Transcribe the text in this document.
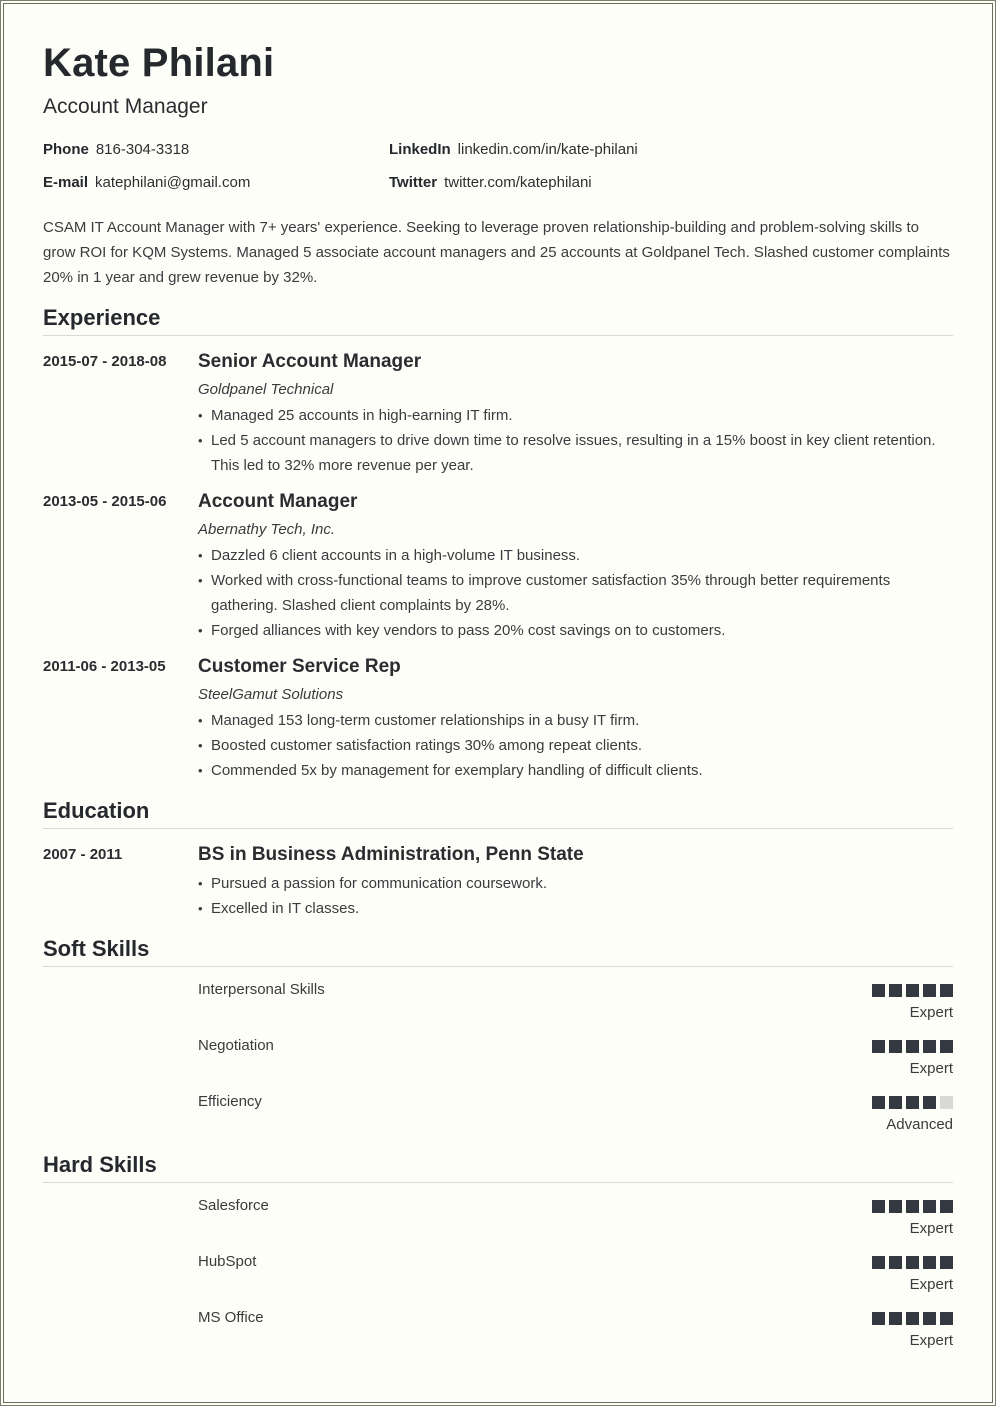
Kate Philani
Account Manager
Phone 816-304-3318
E-mail katephilani@gmail.com
LinkedIn linkedin.com/in/kate-philani
Twitter twitter.com/katephilani
CSAM IT Account Manager with 7+ years' experience. Seeking to leverage proven relationship-building and problem-solving skills to grow ROI for KQM Systems. Managed 5 associate account managers and 25 accounts at Goldpanel Tech. Slashed customer complaints 20% in 1 year and grew revenue by 32%.
Experience
2015-07 - 2018-08 Senior Account Manager
Goldpanel Technical
• Managed 25 accounts in high-earning IT firm.
• Led 5 account managers to drive down time to resolve issues, resulting in a 15% boost in key client retention. This led to 32% more revenue per year.
2013-05 - 2015-06 Account Manager
Abernathy Tech, Inc.
• Dazzled 6 client accounts in a high-volume IT business.
• Worked with cross-functional teams to improve customer satisfaction 35% through better requirements gathering. Slashed client complaints by 28%.
• Forged alliances with key vendors to pass 20% cost savings on to customers.
2011-06 - 2013-05 Customer Service Rep
SteelGamut Solutions
• Managed 153 long-term customer relationships in a busy IT firm.
• Boosted customer satisfaction ratings 30% among repeat clients.
• Commended 5x by management for exemplary handling of difficult clients.
Education
2007 - 2011	BS in Business Administration, Penn State
• Pursued a passion for communication coursework.
• Excelled in IT classes.
Soft Skills
Interpersonal Skills
Expert
Negotiation
Expert
Efficiency
Advanced
Hard Skills
Salesforce
Expert
HubSpot
Expert
MS Office
Expert
